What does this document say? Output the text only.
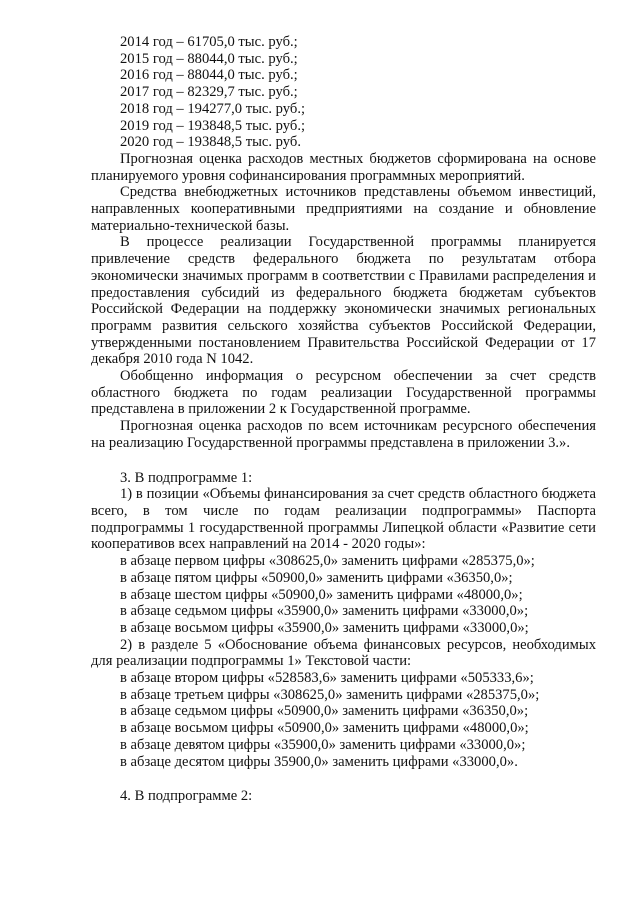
2014 год – 61705,0 тыс. руб.;

2015 год – 88044,0 тыс. руб.;

2016 год – 88044,0 тыс. руб.;

2017 год – 82329,7 тыс. руб.;

2018 год – 194277,0 тыс. руб.;

2019 год – 193848,5 тыс. руб.;

2020 год – 193848,5 тыс. руб.

Прогнозная оценка расходов местных бюджетов сформирована на основе планируемого уровня софинансирования программных мероприятий.

Средства внебюджетных источников представлены объемом инвестиций, направленных кооперативными предприятиями на создание и обновление материально-технической базы.

В процессе реализации Государственной программы планируется привлечение средств федерального бюджета по результатам отбора экономически значимых программ в соответствии с Правилами распределения и предоставления субсидий из федерального бюджета бюджетам субъектов Российской Федерации на поддержку экономически значимых региональных программ развития сельского хозяйства субъектов Российской Федерации, утвержденными постановлением Правительства Российской Федерации от 17 декабря 2010 года N 1042.

Обобщенно информация о ресурсном обеспечении за счет средств областного бюджета по годам реализации Государственной программы представлена в приложении 2 к Государственной программе.

Прогнозная оценка расходов по всем источникам ресурсного обеспечения на реализацию Государственной программы представлена в приложении 3.».

3. В подпрограмме 1:

1) в позиции «Объемы финансирования за счет средств областного бюджета всего, в том числе по годам реализации подпрограммы» Паспорта подпрограммы 1 государственной программы Липецкой области «Развитие сети кооперативов всех направлений на 2014 - 2020 годы»:

в абзаце первом цифры «308625,0» заменить цифрами «285375,0»;

в абзаце пятом цифры «50900,0» заменить цифрами «36350,0»;

в абзаце шестом цифры «50900,0» заменить цифрами «48000,0»;

в абзаце седьмом цифры «35900,0» заменить цифрами «33000,0»;

в абзаце восьмом цифры «35900,0» заменить цифрами «33000,0»;

2) в разделе 5 «Обоснование объема финансовых ресурсов, необходимых для реализации подпрограммы 1» Текстовой части:

в абзаце втором цифры «528583,6» заменить цифрами «505333,6»;

в абзаце третьем цифры «308625,0» заменить цифрами «285375,0»;

в абзаце седьмом цифры «50900,0» заменить цифрами «36350,0»;

в абзаце восьмом цифры «50900,0» заменить цифрами «48000,0»;

в абзаце девятом цифры «35900,0» заменить цифрами «33000,0»;

в абзаце десятом цифры 35900,0» заменить цифрами «33000,0».

4. В подпрограмме 2:
